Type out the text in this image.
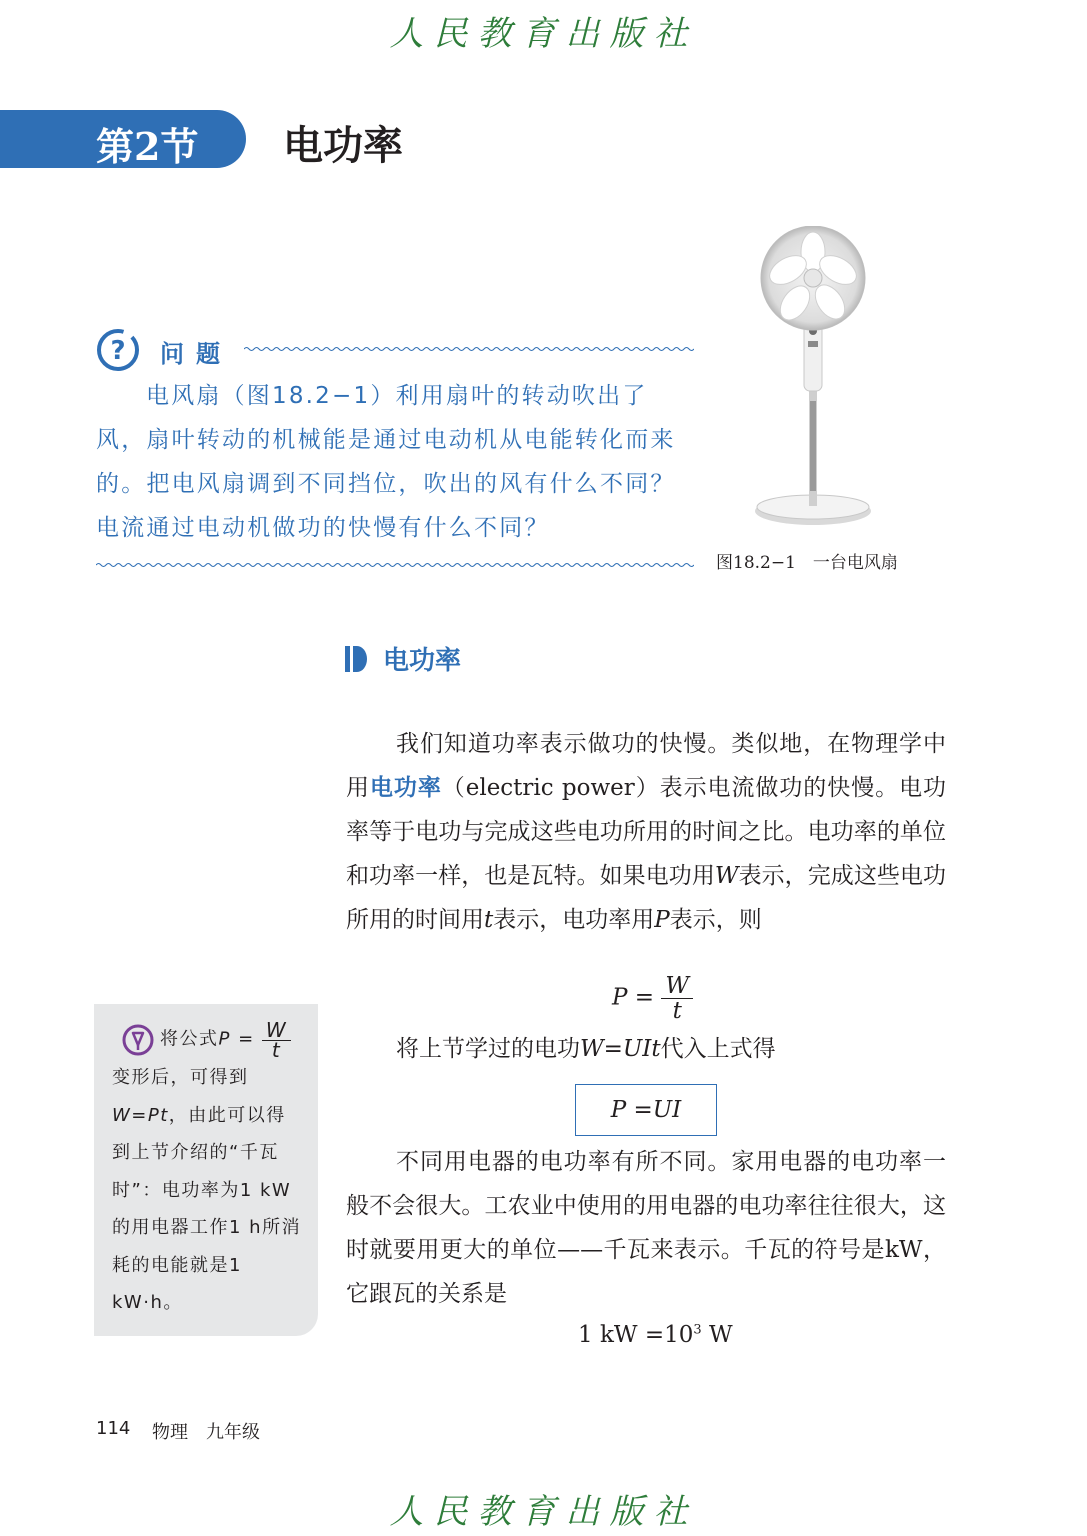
人民教育出版社
第2节 电功率
? 问题

电风扇（图18.2−1）利用扇叶的转动吹出了风，扇叶转动的机械能是通过电动机从电能转化而来的。把电风扇调到不同挡位，吹出的风有什么不同？电流通过电动机做功的快慢有什么不同？

图18.2−1　一台电风扇
电功率

我们知道功率表示做功的快慢。类似地，在物理学中用电功率（electric power）表示电流做功的快慢。电功率等于电功与完成这些电功所用的时间之比。电功率的单位和功率一样，也是瓦特。如果电功用W表示，完成这些电功所用的时间用t表示，电功率用P表示，则

$P = \frac{W}{t}$
将上节学过的电功W=UIt代入上式得
P =UI

不同用电器的电功率有所不同。家用电器的电功率一般不会很大。工农业中使用的用电器的电功率往往很大，这时就要用更大的单位——千瓦来表示。千瓦的符号是kW，它跟瓦的关系是

1 kW $=10^3$ W
将公式$P = \frac{W}{t}$
变形后，可得到W=Pt，由此可以得到上节介绍的“千瓦时”：电功率为1 kW的用电器工作1 h所消耗的电能就是1 kW·h。
114 物理　九年级
人民教育出版社
